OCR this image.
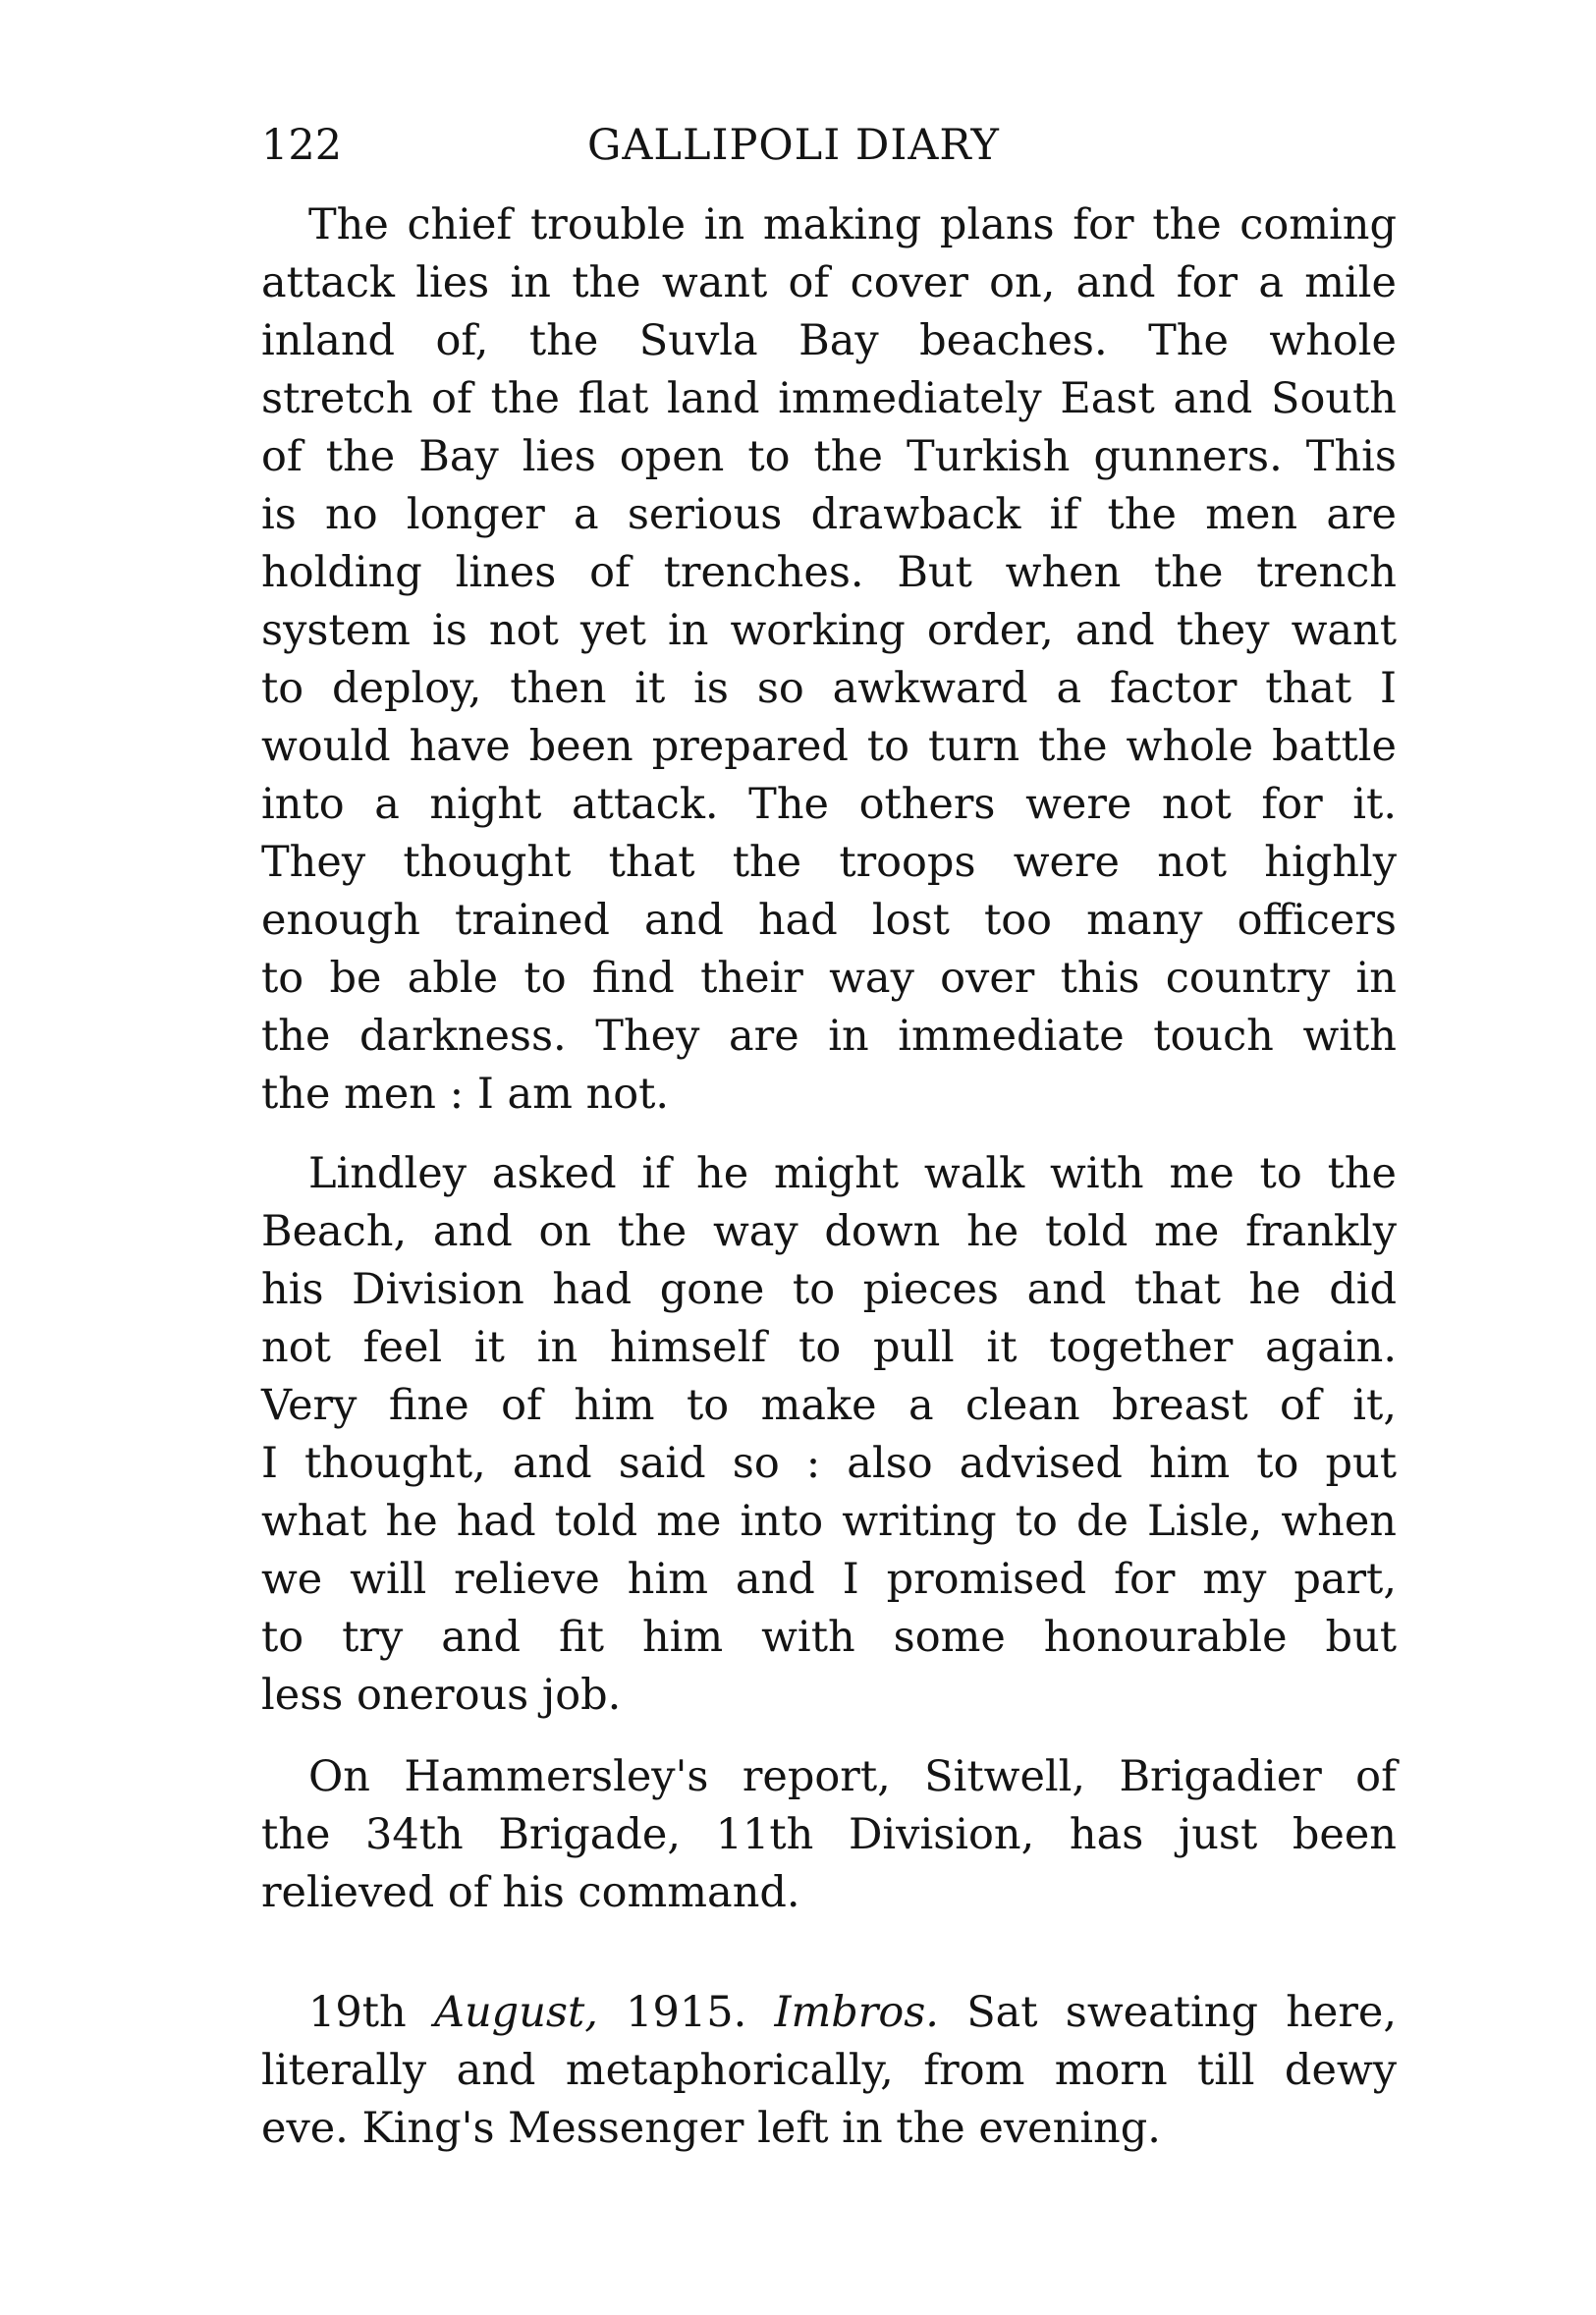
122	GALLIPOLI DIARY
The chief trouble in making plans for the coming
attack lies in the want of cover on, and for a mile
inland of, the Suvla Bay beaches. The whole
stretch of the flat land immediately East and South
of the Bay lies open to the Turkish gunners. This
is no longer a serious drawback if the men are
holding lines of trenches. But when the trench
system is not yet in working order, and they want
to deploy, then it is so awkward a factor that I
would have been prepared to turn the whole battle
into a night attack. The others were not for it.
They thought that the troops were not highly
enough trained and had lost too many officers
to be able to find their way over this country in
the darkness. They are in immediate touch with
the men : I am not.
Lindley asked if he might walk with me to the
Beach, and on the way down he told me frankly
his Division had gone to pieces and that he did
not feel it in himself to pull it together again.
Very fine of him to make a clean breast of it,
I thought, and said so : also advised him to put
what he had told me into writing to de Lisle, when
we will relieve him and I promised for my part,
to try and fit him with some honourable but
less onerous job.
On Hammersley's report, Sitwell, Brigadier of
the 34th Brigade, 11th Division, has just been
relieved of his command.
19th August, 1915. Imbros. Sat sweating here,
literally and metaphorically, from morn till dewy
eve. King's Messenger left in the evening.
